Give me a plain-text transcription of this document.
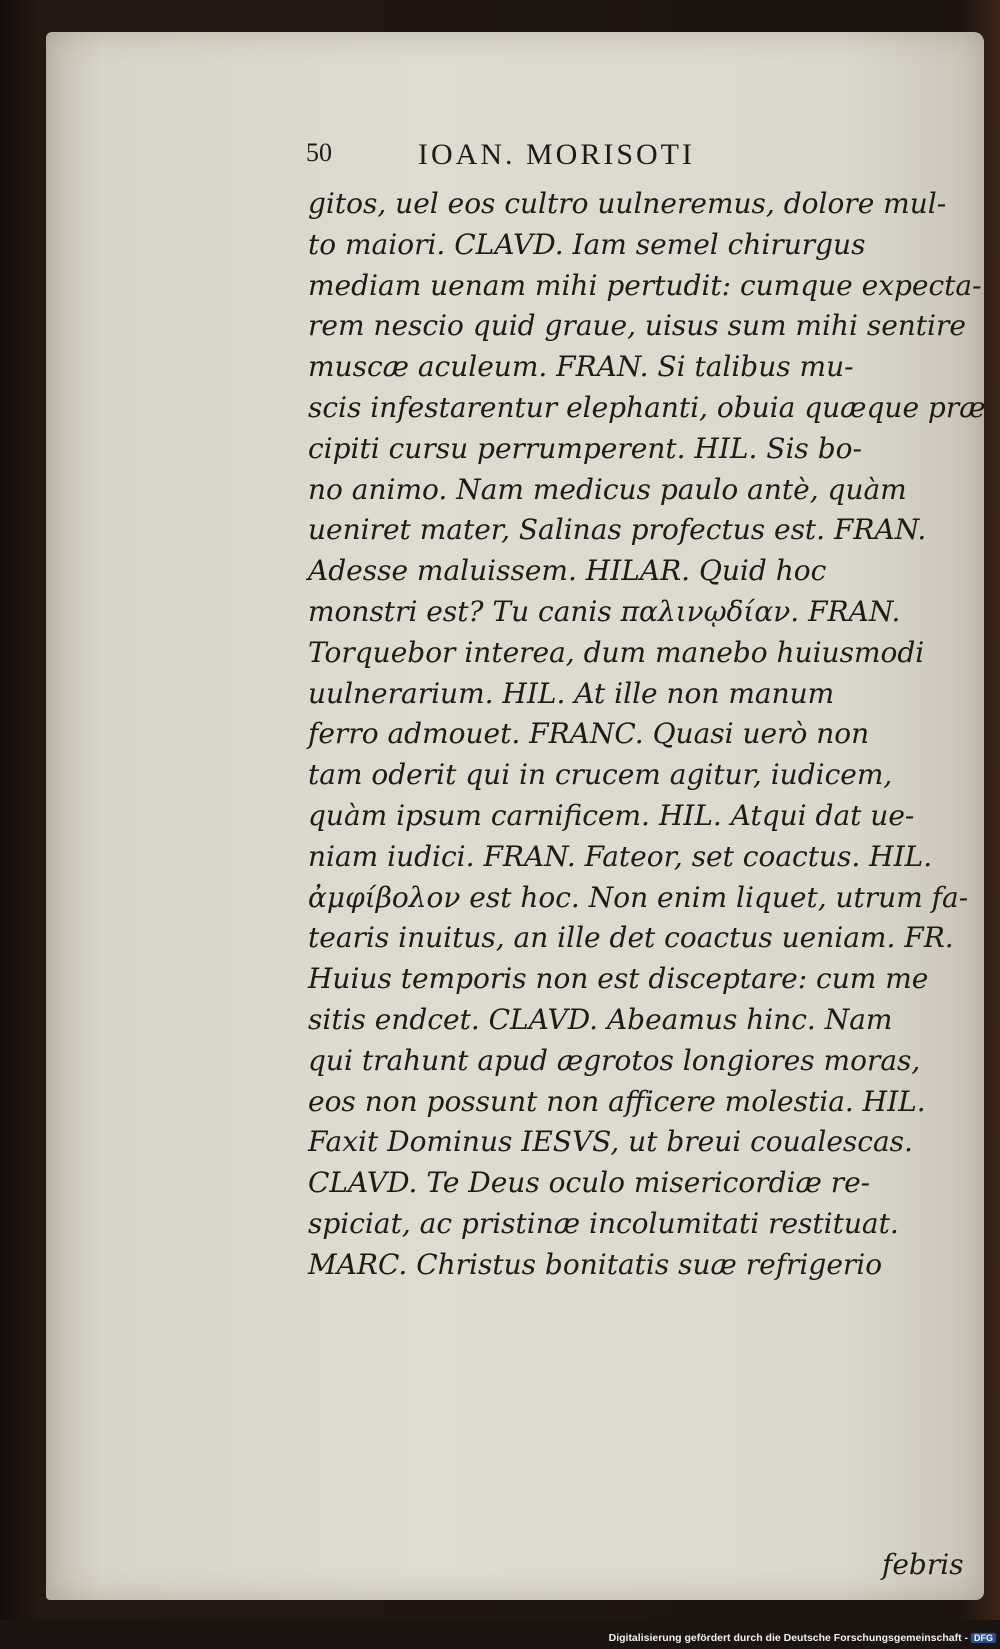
50	IOAN. MORISOTI
gitos, uel eos cultro uulneremus, dolore mul-
to maiori. CLAVD. Iam semel chirurgus
mediam uenam mihi pertudit: cumque expecta-
rem nescio quid graue, uisus sum mihi sentire
muscæ aculeum. FRAN. Si talibus mu-
scis infestarentur elephanti, obuia quæque præ
cipiti cursu perrumperent. HIL. Sis bo-
no animo. Nam medicus paulo antè, quàm
ueniret mater, Salinas profectus est. FRAN.
Adesse maluissem. HILAR. Quid hoc
monstri est? Tu canis παλινῳδίαν. FRAN.
Torquebor interea, dum manebo huiusmodi
uulnerarium. HIL. At ille non manum
ferro admouet. FRANC. Quasi uerò non
tam oderit qui in crucem agitur, iudicem,
quàm ipsum carnificem. HIL. Atqui dat ue-
niam iudici. FRAN. Fateor, set coactus. HIL.
ἀμφίβολον est hoc. Non enim liquet, utrum fa-
tearis inuitus, an ille det coactus ueniam. FR.
Huius temporis non est disceptare: cum me
sitis endcet. CLAVD. Abeamus hinc. Nam
qui trahunt apud ægrotos longiores moras,
eos non possunt non afficere molestia. HIL.
Faxit Dominus IESVS, ut breui coualescas.
CLAVD. Te Deus oculo misericordiæ re-
spiciat, ac pristinæ incolumitati restituat.
MARC. Christus bonitatis suæ refrigerio
febris
Digitalisierung gefördert durch die Deutsche Forschungsgemeinschaft - DFG
